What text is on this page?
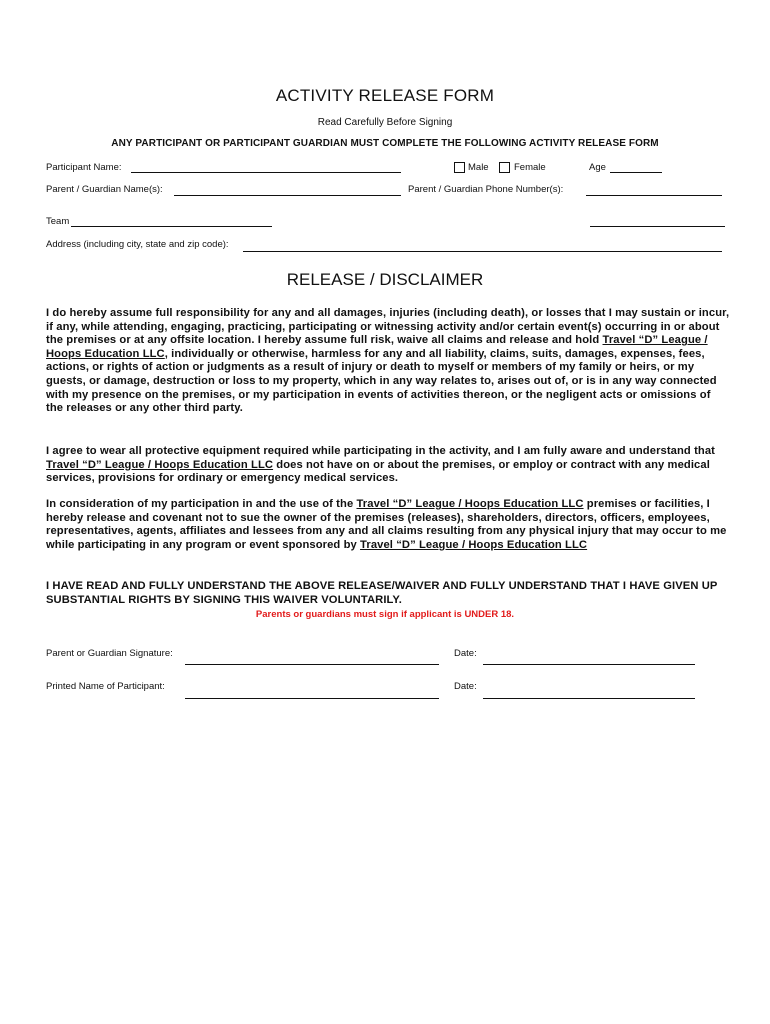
ACTIVITY RELEASE FORM
Read Carefully Before Signing
ANY PARTICIPANT OR PARTICIPANT GUARDIAN MUST COMPLETE THE FOLLOWING ACTIVITY RELEASE FORM
Participant Name:	Male	Female	Age
Parent / Guardian Name(s):	Parent / Guardian Phone Number(s):
Team
Address (including city, state and zip code):
RELEASE / DISCLAIMER
I do hereby assume full responsibility for any and all damages, injuries (including death), or losses that I may sustain or incur, if any, while attending, engaging, practicing, participating or witnessing activity and/or certain event(s) occurring in or about the premises or at any offsite location. I hereby assume full risk, waive all claims and release and hold Travel “D” League / Hoops Education LLC, individually or otherwise, harmless for any and all liability, claims, suits, damages, expenses, fees, actions, or rights of action or judgments as a result of injury or death to myself or members of my family or heirs, or my guests, or damage, destruction or loss to my property, which in any way relates to, arises out of, or is in any way connected with my presence on the premises, or my participation in events of activities thereon, or the negligent acts or omissions of the releases or any other third party.
I agree to wear all protective equipment required while participating in the activity, and I am fully aware and understand that Travel “D” League / Hoops Education LLC does not have on or about the premises, or employ or contract with any medical services, provisions for ordinary or emergency medical services.
In consideration of my participation in and the use of the Travel “D” League / Hoops Education LLC premises or facilities, I hereby release and covenant not to sue the owner of the premises (releases), shareholders, directors, officers, employees, representatives, agents, affiliates and lessees from any and all claims resulting from any physical injury that may occur to me while participating in any program or event sponsored by Travel “D” League / Hoops Education LLC
I HAVE READ AND FULLY UNDERSTAND THE ABOVE RELEASE/WAIVER AND FULLY UNDERSTAND THAT I HAVE GIVEN UP SUBSTANTIAL RIGHTS BY SIGNING THIS WAIVER VOLUNTARILY.
Parents or guardians must sign if applicant is UNDER 18.
Parent or Guardian Signature:	Date:
Printed Name of Participant:	Date:
